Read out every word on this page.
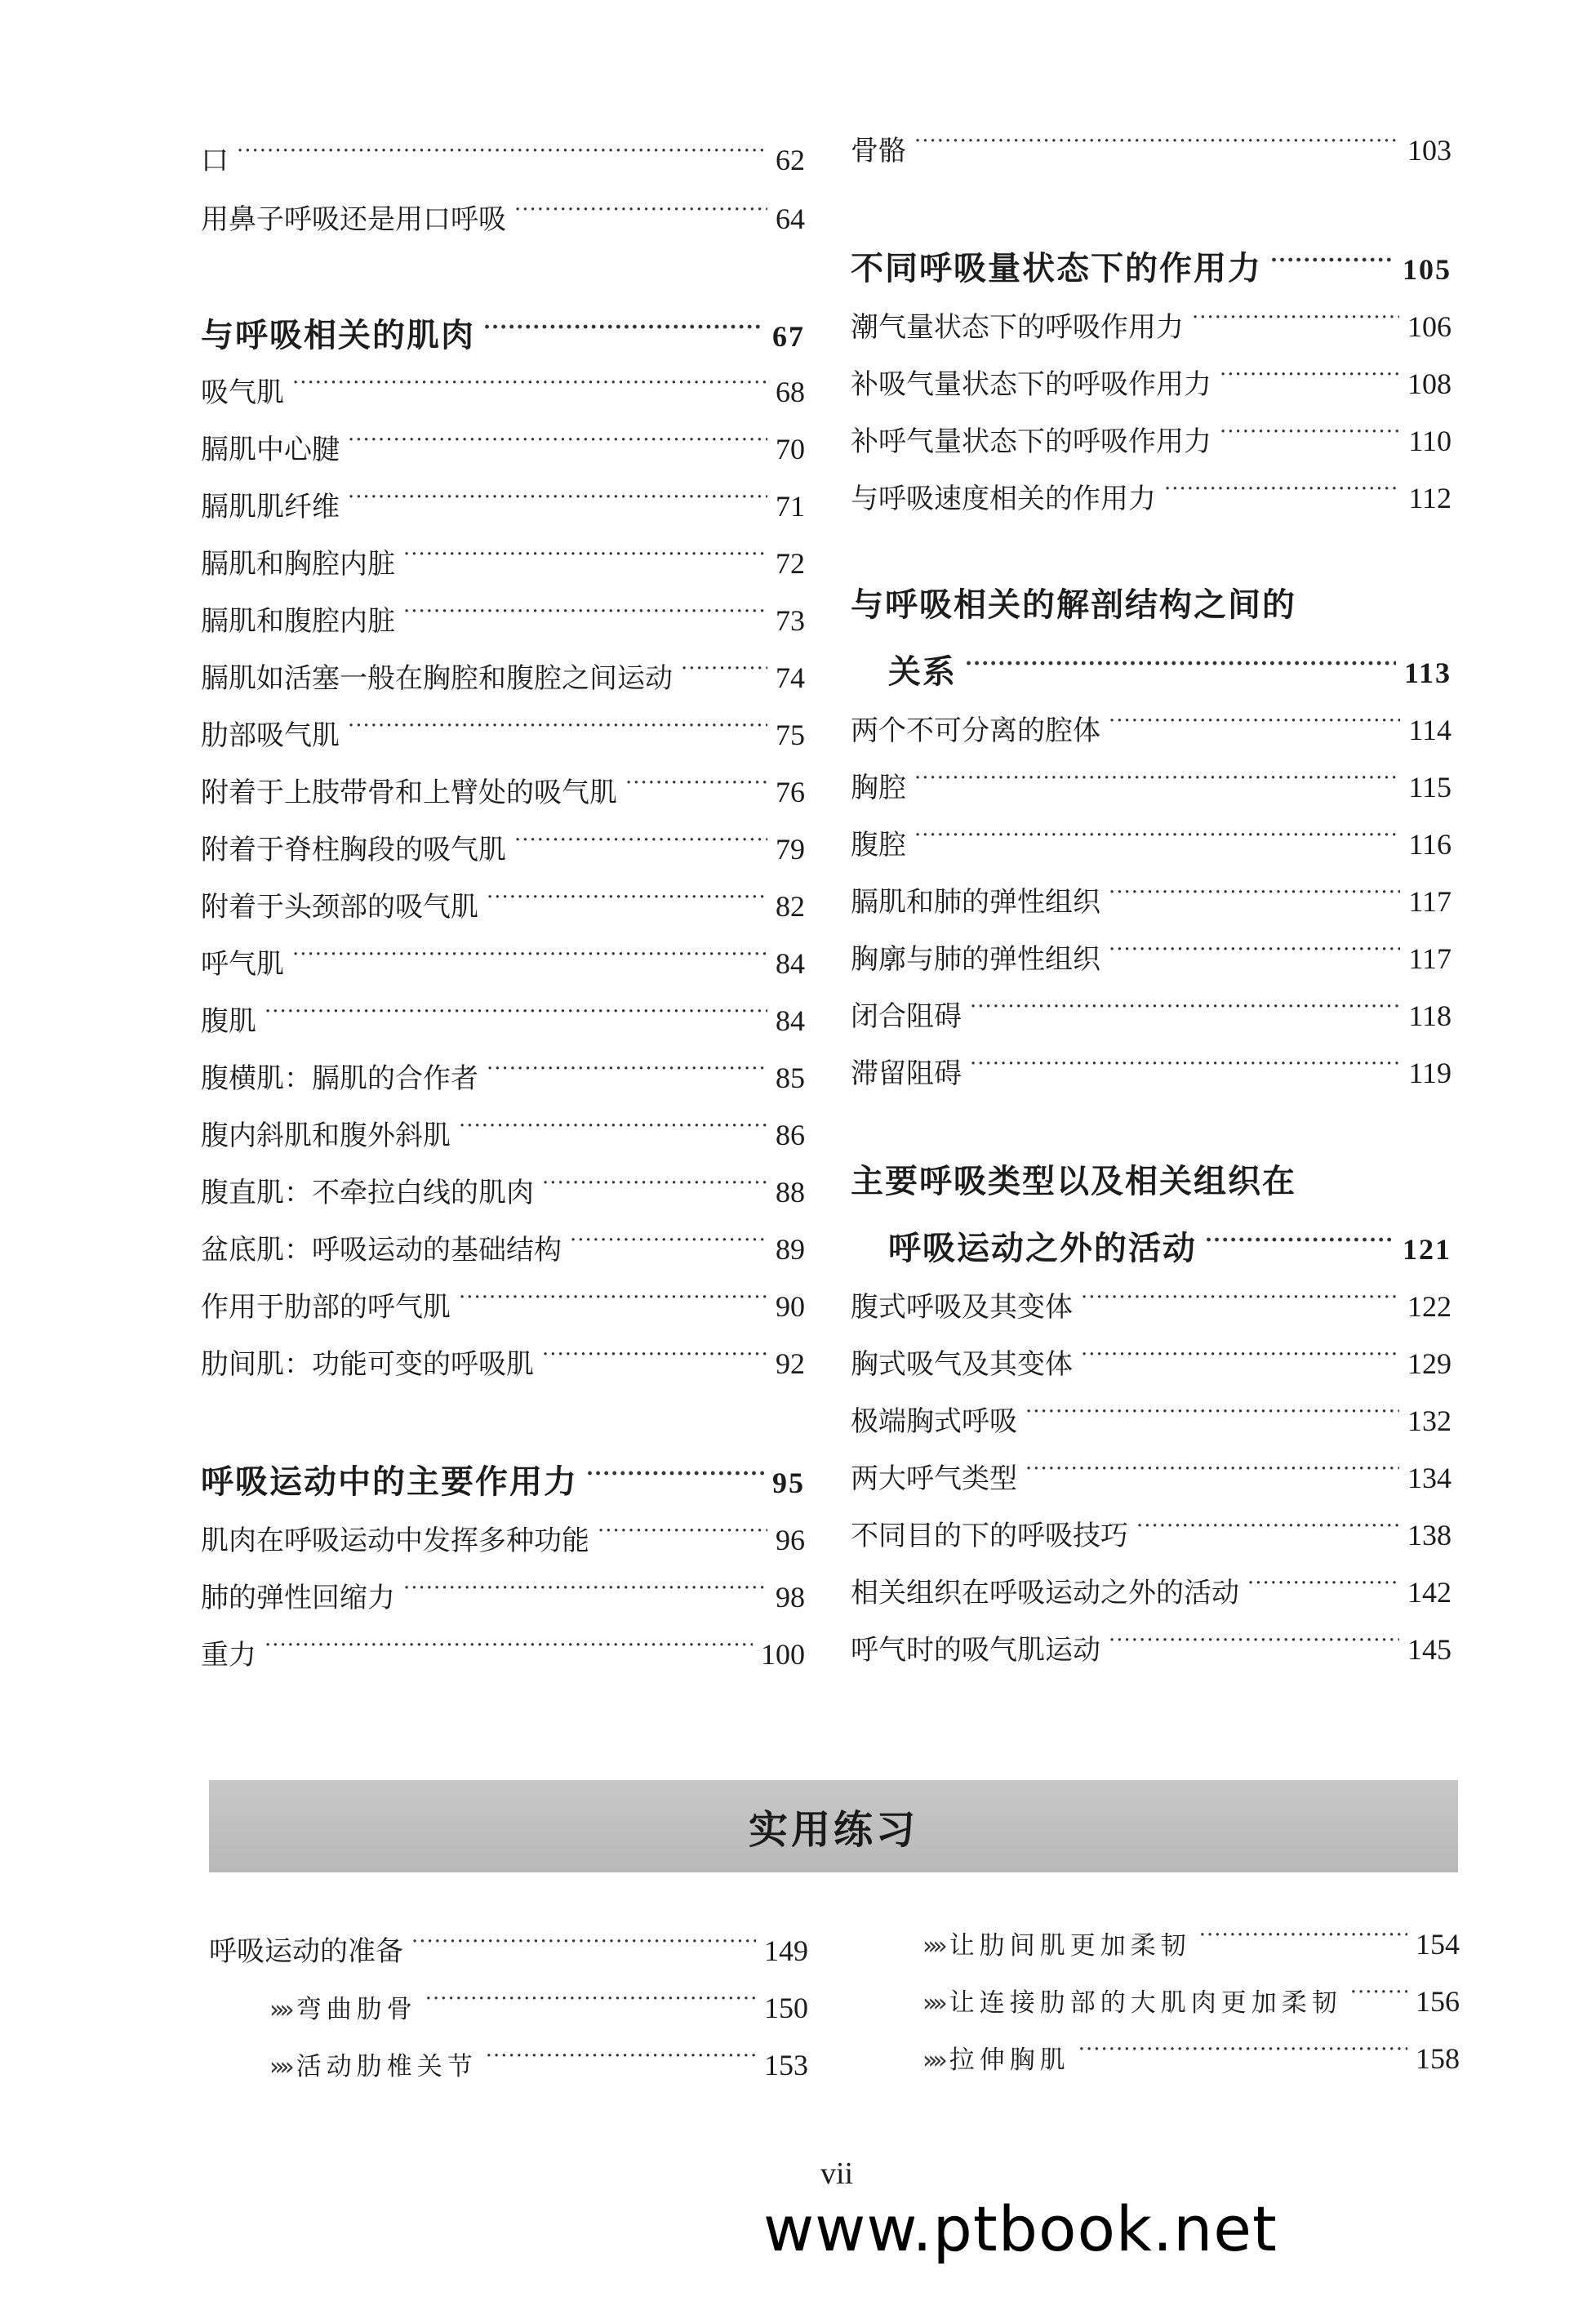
口 ·····	62
用鼻子呼吸还是用口呼吸 ·····	64
与呼吸相关的肌肉 ·····	67
吸气肌 ·····	68
膈肌中心腱 ·····	70
膈肌肌纤维 ·····	71
膈肌和胸腔内脏 ·····	72
膈肌和腹腔内脏 ·····	73
膈肌如活塞一般在胸腔和腹腔之间运动 ·····	74
肋部吸气肌 ·····	75
附着于上肢带骨和上臂处的吸气肌 ·····	76
附着于脊柱胸段的吸气肌 ·····	79
附着于头颈部的吸气肌 ·····	82
呼气肌 ·····	84
腹肌 ·····	84
腹横肌：膈肌的合作者 ·····	85
腹内斜肌和腹外斜肌 ·····	86
腹直肌：不牵拉白线的肌肉 ·····	88
盆底肌：呼吸运动的基础结构 ·····	89
作用于肋部的呼气肌 ·····	90
肋间肌：功能可变的呼吸肌 ·····	92
呼吸运动中的主要作用力 ·····	95
肌肉在呼吸运动中发挥多种功能 ·····	96
肺的弹性回缩力 ·····	98
重力 ·····	100
骨骼 ·····	103
不同呼吸量状态下的作用力 ·····	105
潮气量状态下的呼吸作用力 ·····	106
补吸气量状态下的呼吸作用力 ·····	108
补呼气量状态下的呼吸作用力 ·····	110
与呼吸速度相关的作用力 ·····	112
与呼吸相关的解剖结构之间的
关系 ·····	113
两个不可分离的腔体 ·····	114
胸腔 ·····	115
腹腔 ·····	116
膈肌和肺的弹性组织 ·····	117
胸廓与肺的弹性组织 ·····	117
闭合阻碍 ·····	118
滞留阻碍 ·····	119
主要呼吸类型以及相关组织在
呼吸运动之外的活动 ·····	121
腹式呼吸及其变体 ·····	122
胸式吸气及其变体 ·····	129
极端胸式呼吸 ·····	132
两大呼气类型 ·····	134
不同目的下的呼吸技巧 ·····	138
相关组织在呼吸运动之外的活动 ·····	142
呼气时的吸气肌运动 ·····	145
实用练习
呼吸运动的准备 ·····	149
»» 弯曲肋骨 ·····	150
»» 活动肋椎关节 ·····	153
»» 让肋间肌更加柔韧 ·····	154
»» 让连接肋部的大肌肉更加柔韧 ·····	156
»» 拉伸胸肌 ·····	158
vii
www.ptbook.net
